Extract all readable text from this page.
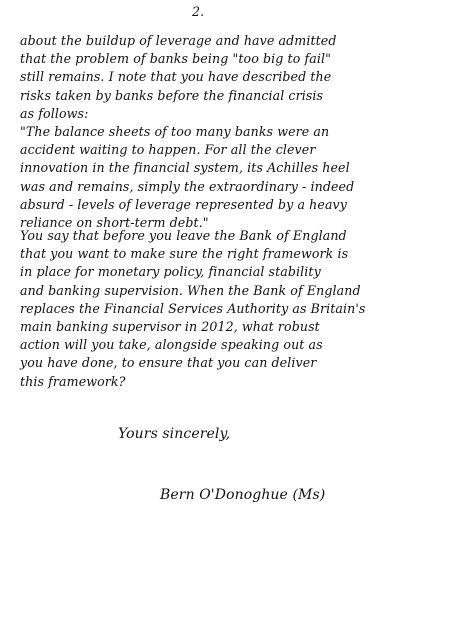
2.
about the buildup of leverage and have admitted
that the problem of banks being "too big to fail"
still remains. I note that you have described the
risks taken by banks before the financial crisis
as follows:
"The balance sheets of too many banks were an
accident waiting to happen. For all the clever
innovation in the financial system, its Achilles heel
was and remains, simply the extraordinary - indeed
absurd - levels of leverage represented by a heavy
reliance on short-term debt."
You say that before you leave the Bank of England
that you want to make sure the right framework is
in place for monetary policy, financial stability
and banking supervision. When the Bank of England
replaces the Financial Services Authority as Britain's
main banking supervisor in 2012, what robust
action will you take, alongside speaking out as
you have done, to ensure that you can deliver
this framework?
Yours sincerely,
Bern O'Donoghue (Ms)
